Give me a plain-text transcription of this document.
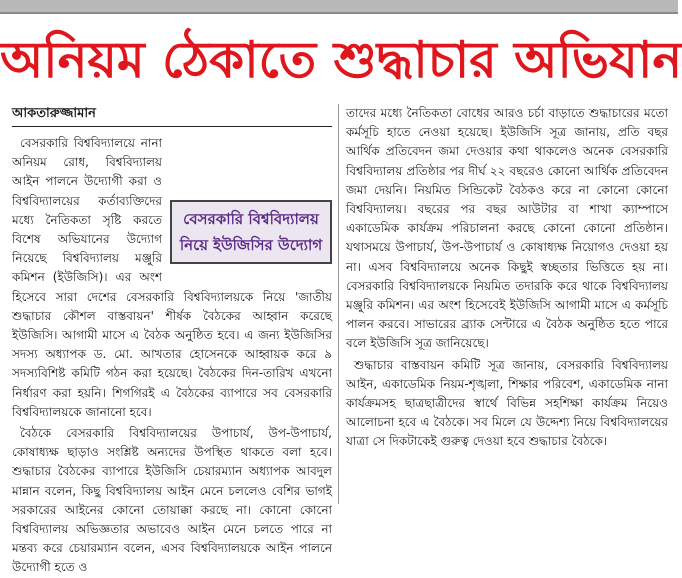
অনিয়ম ঠেকাতে শুদ্ধাচার অভিযান
আকতারুজ্জামান
বেসরকারি বিশ্ববিদ্যালয়
নিয়ে ইউজিসির উদ্যোগ

বেসরকারি বিশ্ববিদ্যালয়ে নানা অনিয়ম রোধ, বিশ্ববিদ্যালয় আইন পালনে উদ্যোগী করা ও বিশ্ববিদ্যালয়ের কর্তাব্যক্তিদের মধ্যে নৈতিকতা সৃষ্টি করতে বিশেষ অভিযানের উদ্যোগ নিয়েছে বিশ্ববিদ্যালয় মঞ্জুরি কমিশন (ইউজিসি)। এর অংশ হিসেবে সারা দেশের বেসরকারি বিশ্ববিদ্যালয়কে নিয়ে 'জাতীয় শুদ্ধাচার কৌশল বাস্তবায়ন' শীর্ষক বৈঠকের আহ্বান করেছে ইউজিসি। আগামী মাসে এ বৈঠক অনুষ্ঠিত হবে। এ জন্য ইউজিসির সদস্য অধ্যাপক ড. মো. আখতার হোসেনকে আহ্বায়ক করে ৯ সদস্যবিশিষ্ট কমিটি গঠন করা হয়েছে। বৈঠকের দিন-তারিখ এখনো নির্ধারণ করা হয়নি। শিগগিরই এ বৈঠকের ব্যাপারে সব বেসরকারি বিশ্ববিদ্যালয়কে জানানো হবে।

বৈঠকে বেসরকারি বিশ্ববিদ্যালয়ের উপাচার্য, উপ-উপাচার্য, কোষাধ্যক্ষ ছাড়াও সংশ্লিষ্ট অন্যদের উপস্থিত থাকতে বলা হবে। শুদ্ধাচার বৈঠকের ব্যাপারে ইউজিসি চেয়ারম্যান অধ্যাপক আবদুল মান্নান বলেন, কিছু বিশ্ববিদ্যালয় আইন মেনে চললেও বেশির ভাগই সরকারের আইনের কোনো তোয়াক্কা করছে না। কোনো কোনো বিশ্ববিদ্যালয় অভিজ্ঞতার অভাবেও আইন মেনে চলতে পারে না মন্তব্য করে চেয়ারম্যান বলেন, এসব বিশ্ববিদ্যালয়কে আইন পালনে উদ্যোগী হতে ও

তাদের মধ্যে নৈতিকতা বোধের আরও চর্চা বাড়াতে শুদ্ধাচারের মতো কর্মসূচি হাতে নেওয়া হয়েছে। ইউজিসি সূত্র জানায়, প্রতি বছর আর্থিক প্রতিবেদন জমা দেওয়ার কথা থাকলেও অনেক বেসরকারি বিশ্ববিদ্যালয় প্রতিষ্ঠার পর দীর্ঘ ২২ বছরেও কোনো আর্থিক প্রতিবেদন জমা দেয়নি। নিয়মিত সিন্ডিকেট বৈঠকও করে না কোনো কোনো বিশ্ববিদ্যালয়। বছরের পর বছর আউটার বা শাখা ক্যাম্পাসে একাডেমিক কার্যক্রম পরিচালনা করছে কোনো কোনো প্রতিষ্ঠান। যথাসময়ে উপাচার্য, উপ-উপাচার্য ও কোষাধ্যক্ষ নিয়োগও দেওয়া হয় না। এসব বিশ্ববিদ্যালয়ে অনেক কিছুই স্বচ্ছতার ভিত্তিতে হয় না। বেসরকারি বিশ্ববিদ্যালয়কে নিয়মিত তদারকি করে থাকে বিশ্ববিদ্যালয় মঞ্জুরি কমিশন। এর অংশ হিসেবেই ইউজিসি আগামী মাসে এ কর্মসূচি পালন করবে। সাভারের ব্র্যাক সেন্টারে এ বৈঠক অনুষ্ঠিত হতে পারে বলে ইউজিসি সূত্র জানিয়েছে।

শুদ্ধাচার বাস্তবায়ন কমিটি সূত্র জানায়, বেসরকারি বিশ্ববিদ্যালয় আইন, একাডেমিক নিয়ম-শৃঙ্খলা, শিক্ষার পরিবেশ, একাডেমিক নানা কার্যক্রমসহ ছাত্রছাত্রীদের স্বার্থে বিভিন্ন সহশিক্ষা কার্যক্রম নিয়েও আলোচনা হবে এ বৈঠকে। সব মিলে যে উদ্দেশ্য নিয়ে বিশ্ববিদ্যালয়ের যাত্রা সে দিকটাকেই গুরুত্ব দেওয়া হবে শুদ্ধাচার বৈঠকে।
